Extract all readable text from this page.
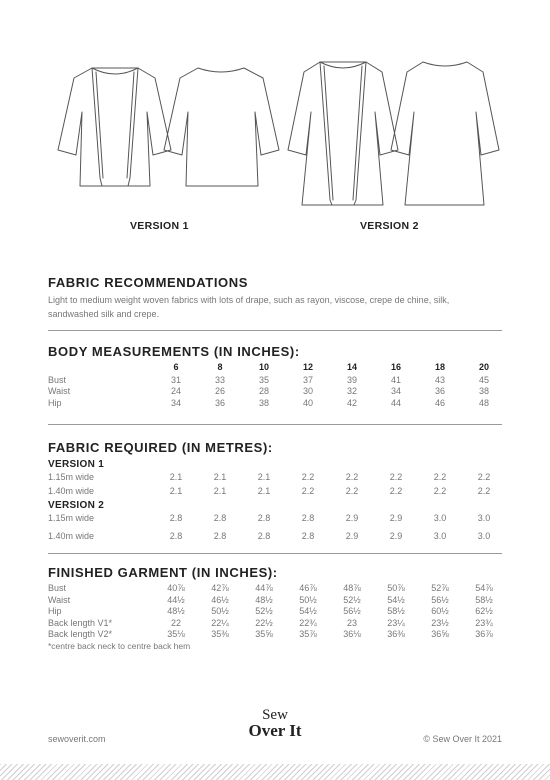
VERSION 1	VERSION 2
FABRIC RECOMMENDATIONS
Light to medium weight woven fabrics with lots of drape, such as rayon, viscose, crepe de chine, silk, sandwashed silk and crepe.
BODY MEASUREMENTS (IN INCHES):
6	8	10	12	14	16	18	20
Bust	31	33	35	37	39	41	43	45
Waist	24	26	28	30	32	34	36	38
Hip	34	36	38	40	42	44	46	48
FABRIC REQUIRED (IN METRES):
VERSION 1
1.15m wide	2.1	2.1	2.1	2.2	2.2	2.2	2.2	2.2
1.40m wide	2.1	2.1	2.1	2.2	2.2	2.2	2.2	2.2
VERSION 2
1.15m wide	2.8	2.8	2.8	2.8	2.9	2.9	3.0	3.0
1.40m wide	2.8	2.8	2.8	2.8	2.9	2.9	3.0	3.0
FINISHED GARMENT (IN INCHES):
Bust	40⅞	42⅞	44⅞	46⅞	48⅞	50⅞	52⅞	54⅞
Waist	44½	46½	48½	50½	52½	54½	56½	58½
Hip	48½	50½	52½	54½	56½	58½	60½	62½
Back length V1*	22	22¼	22½	22¾	23	23¼	23½	23¾
Back length V2*	35⅛	35⅜	35⅝	35⅞	36⅛	36⅜	36⅝	36⅞
*centre back neck to centre back hem
sewoverit.com
Sew
Over It	© Sew Over It 2021
